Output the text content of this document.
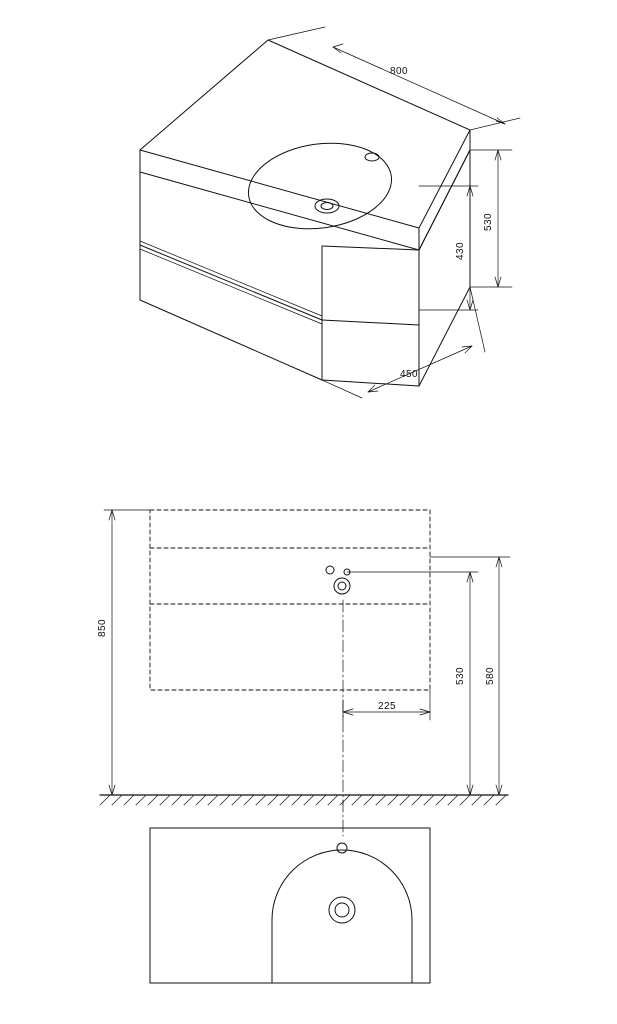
800
530
430
450
850
530 580
225
